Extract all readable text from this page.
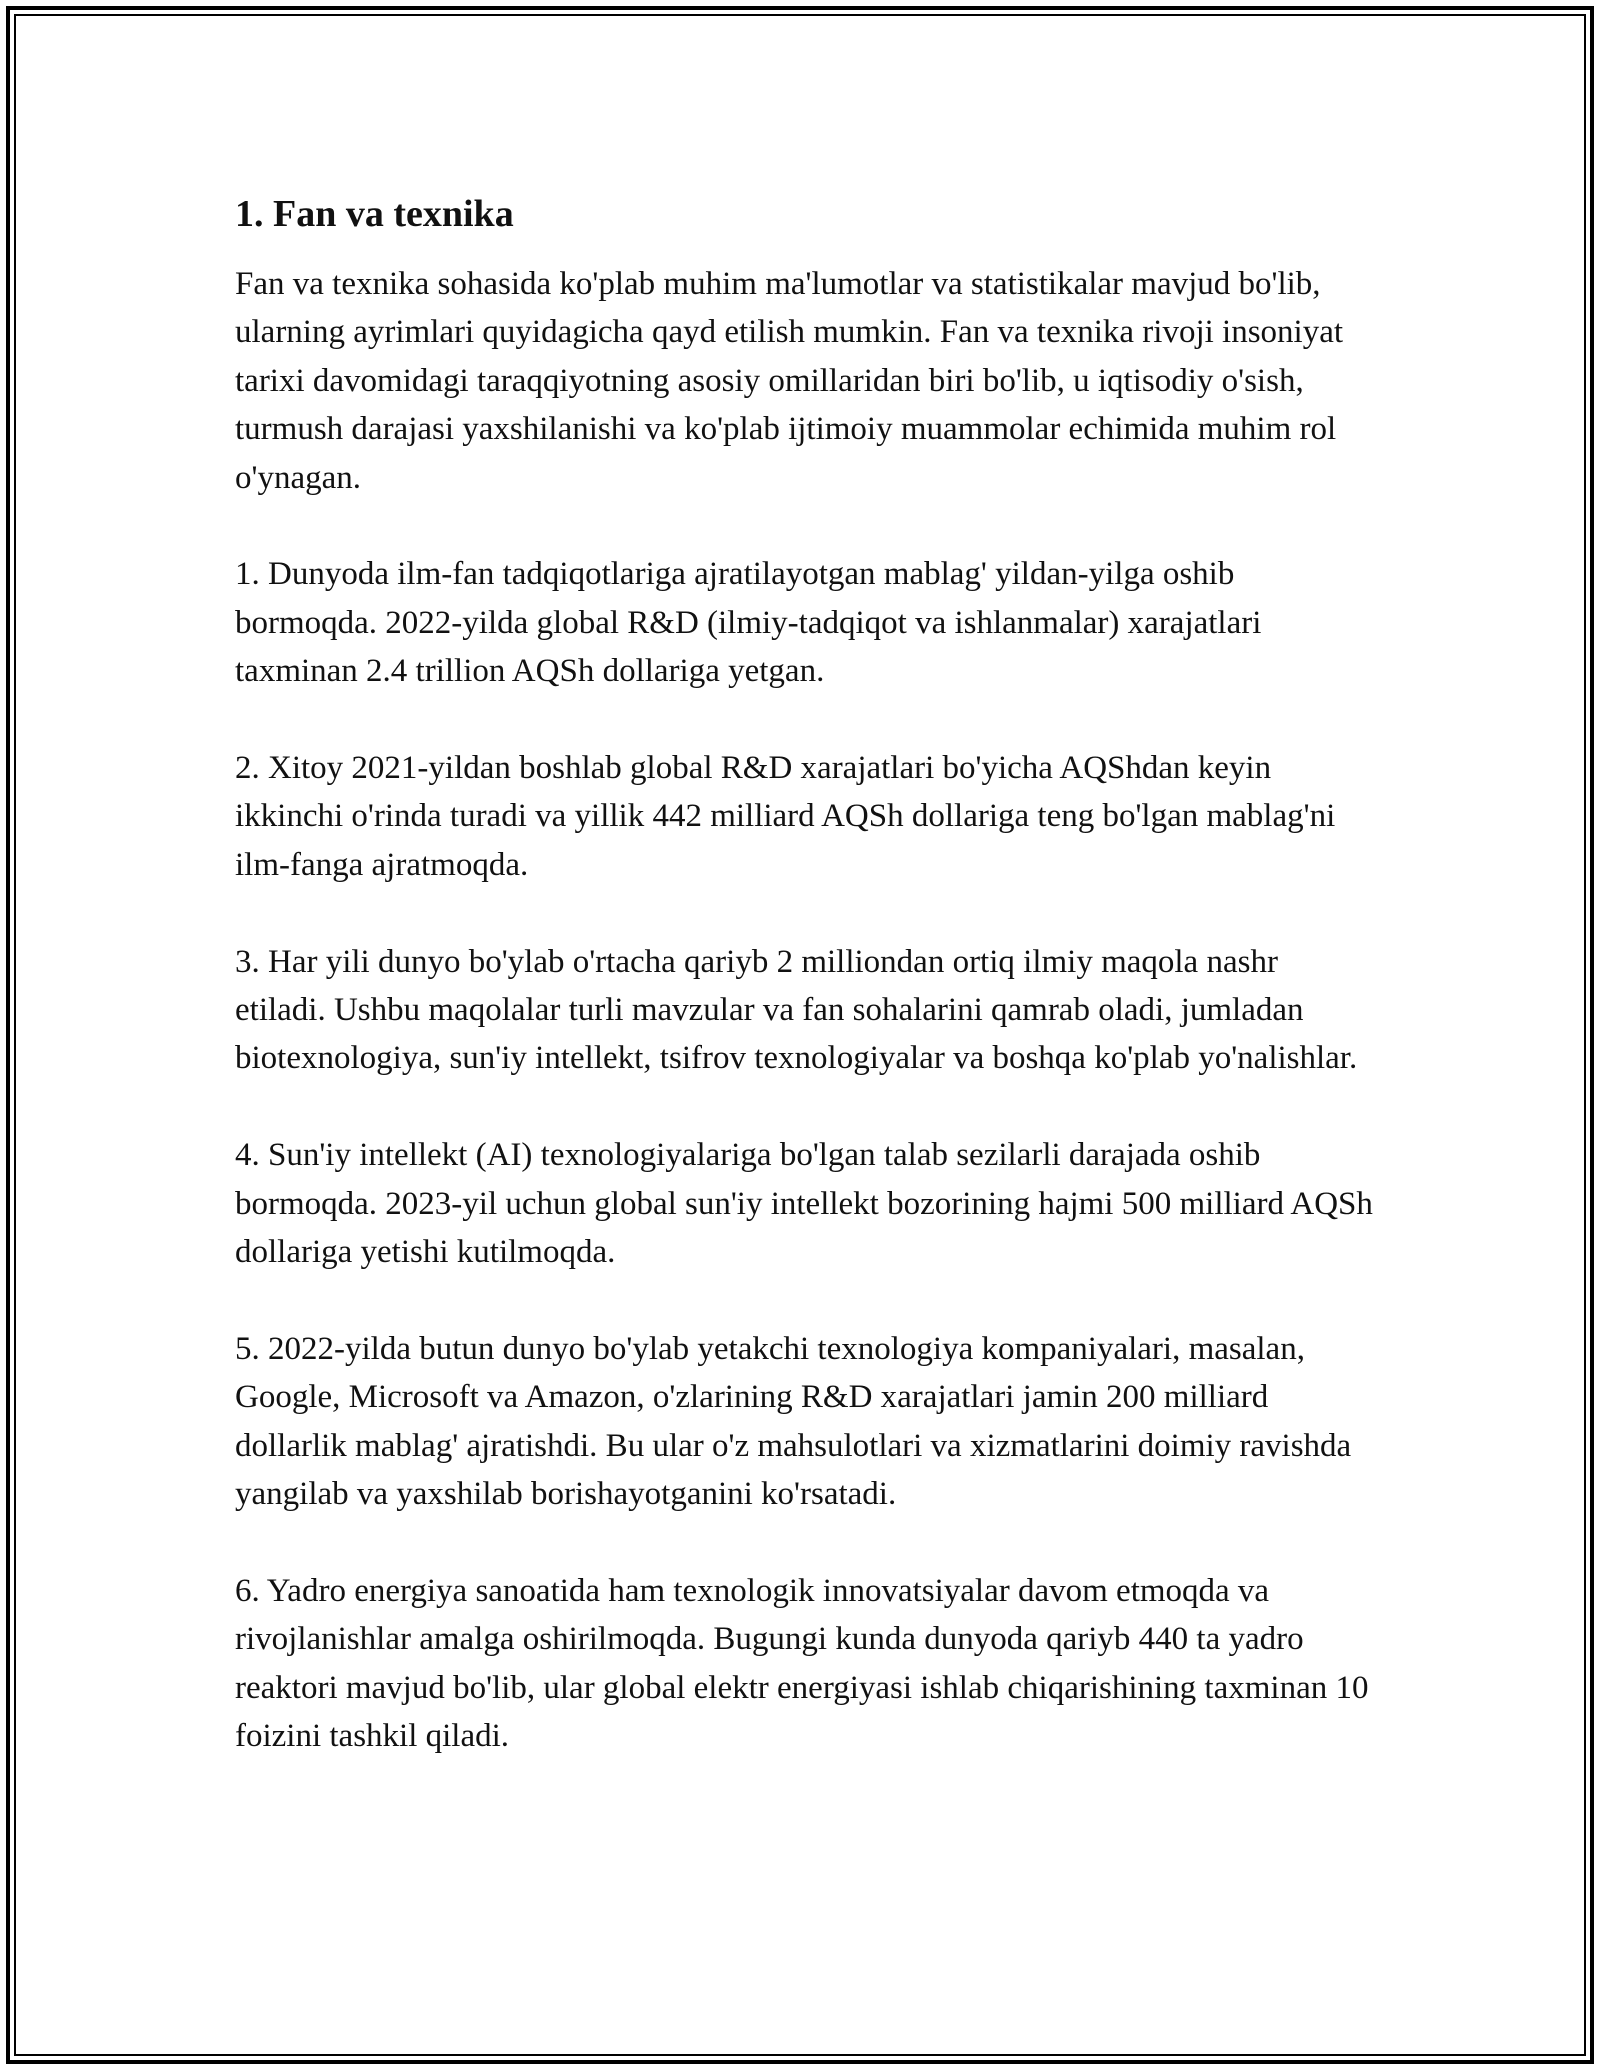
1. Fan va texnika

Fan va texnika sohasida ko'plab muhim ma'lumotlar va statistikalar mavjud bo'lib, ularning ayrimlari quyidagicha qayd etilish mumkin. Fan va texnika rivoji insoniyat tarixi davomidagi taraqqiyotning asosiy omillaridan biri bo'lib, u iqtisodiy o'sish, turmush darajasi yaxshilanishi va ko'plab ijtimoiy muammolar echimida muhim rol o'ynagan.

1. Dunyoda ilm-fan tadqiqotlariga ajratilayotgan mablag' yildan-yilga oshib bormoqda. 2022-yilda global R&D (ilmiy-tadqiqot va ishlanmalar) xarajatlari taxminan 2.4 trillion AQSh dollariga yetgan.

2. Xitoy 2021-yildan boshlab global R&D xarajatlari bo'yicha AQShdan keyin ikkinchi o'rinda turadi va yillik 442 milliard AQSh dollariga teng bo'lgan mablag'ni ilm-fanga ajratmoqda.

3. Har yili dunyo bo'ylab o'rtacha qariyb 2 milliondan ortiq ilmiy maqola nashr etiladi. Ushbu maqolalar turli mavzular va fan sohalarini qamrab oladi, jumladan biotexnologiya, sun'iy intellekt, tsifrov texnologiyalar va boshqa ko'plab yo'nalishlar.

4. Sun'iy intellekt (AI) texnologiyalariga bo'lgan talab sezilarli darajada oshib bormoqda. 2023-yil uchun global sun'iy intellekt bozorining hajmi 500 milliard AQSh dollariga yetishi kutilmoqda.

5. 2022-yilda butun dunyo bo'ylab yetakchi texnologiya kompaniyalari, masalan, Google, Microsoft va Amazon, o'zlarining R&D xarajatlari jamin 200 milliard dollarlik mablag' ajratishdi. Bu ular o'z mahsulotlari va xizmatlarini doimiy ravishda yangilab va yaxshilab borishayotganini ko'rsatadi.

6. Yadro energiya sanoatida ham texnologik innovatsiyalar davom etmoqda va rivojlanishlar amalga oshirilmoqda. Bugungi kunda dunyoda qariyb 440 ta yadro reaktori mavjud bo'lib, ular global elektr energiyasi ishlab chiqarishining taxminan 10 foizini tashkil qiladi.
